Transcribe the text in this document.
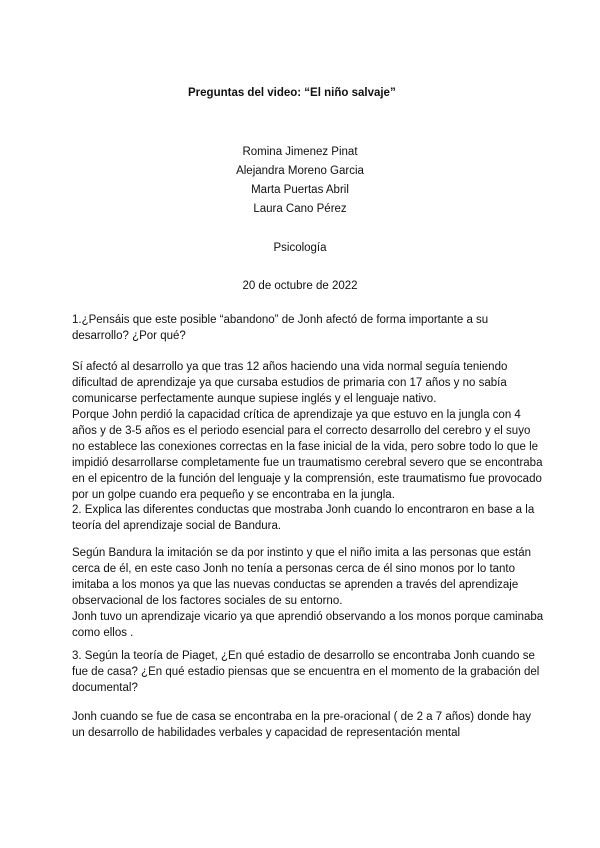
Preguntas del video: “El niño salvaje”
Romina Jimenez Pinat
Alejandra Moreno Garcia
Marta Puertas Abril
Laura Cano Pérez
Psicología
20 de octubre de 2022
1.¿Pensáis que este posible “abandono” de Jonh afectó de forma importante a su
desarrollo? ¿Por qué?
Sí afectó al desarrollo ya que tras 12 años haciendo una vida normal seguía teniendo
dificultad de aprendizaje ya que cursaba estudios de primaria con 17 años y no sabía
comunicarse perfectamente aunque supiese inglés y el lenguaje nativo.
Porque John perdió la capacidad crítica de aprendizaje ya que estuvo en la jungla con 4
años y de 3-5 años es el periodo esencial para el correcto desarrollo del cerebro y el suyo
no establece las conexiones correctas en la fase inicial de la vida, pero sobre todo lo que le
impidió desarrollarse completamente fue un traumatismo cerebral severo que se encontraba
en el epicentro de la función del lenguaje y la comprensión, este traumatismo fue provocado
por un golpe cuando era pequeño y se encontraba en la jungla.
2. Explica las diferentes conductas que mostraba Jonh cuando lo encontraron en base a la
teoría del aprendizaje social de Bandura.
Según Bandura la imitación se da por instinto y que el niño imita a las personas que están
cerca de él, en este caso Jonh no tenía a personas cerca de él sino monos por lo tanto
imitaba a los monos ya que las nuevas conductas se aprenden a través del aprendizaje
observacional de los factores sociales de su entorno.
Jonh tuvo un aprendizaje vicario ya que aprendió observando a los monos porque caminaba
como ellos .
3. Según la teoría de Piaget, ¿En qué estadio de desarrollo se encontraba Jonh cuando se
fue de casa? ¿En qué estadio piensas que se encuentra en el momento de la grabación del
documental?
Jonh cuando se fue de casa se encontraba en la pre-oracional ( de 2 a 7 años) donde hay
un desarrollo de habilidades verbales y capacidad de representación mental
